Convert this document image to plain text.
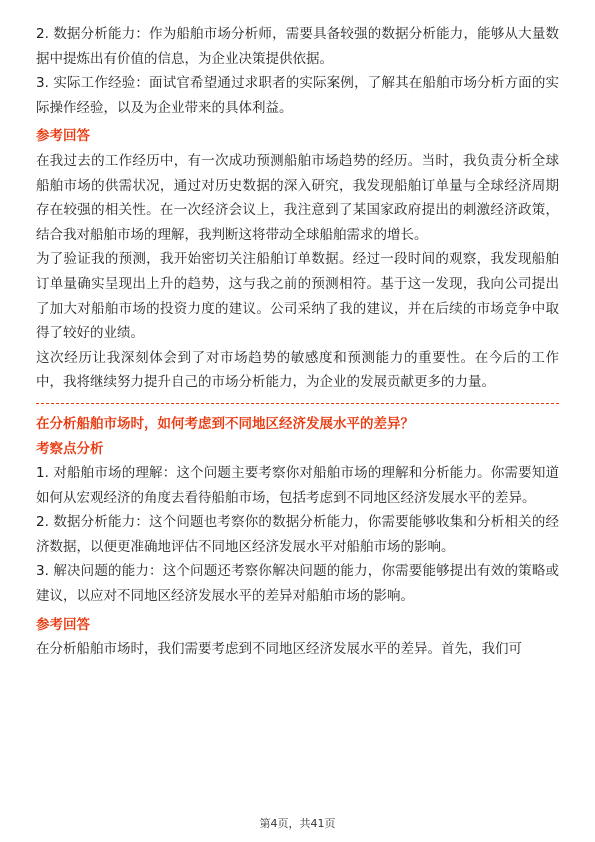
2. 数据分析能力：作为船舶市场分析师，需要具备较强的数据分析能力，能够从大量数据中提炼出有价值的信息，为企业决策提供依据。

3. 实际工作经验：面试官希望通过求职者的实际案例，了解其在船舶市场分析方面的实际操作经验，以及为企业带来的具体利益。

参考回答

在我过去的工作经历中，有一次成功预测船舶市场趋势的经历。当时，我负责分析全球船舶市场的供需状况，通过对历史数据的深入研究，我发现船舶订单量与全球经济周期存在较强的相关性。在一次经济会议上，我注意到了某国家政府提出的刺激经济政策，结合我对船舶市场的理解，我判断这将带动全球船舶需求的增长。

为了验证我的预测，我开始密切关注船舶订单数据。经过一段时间的观察，我发现船舶订单量确实呈现出上升的趋势，这与我之前的预测相符。基于这一发现，我向公司提出了加大对船舶市场的投资力度的建议。公司采纳了我的建议，并在后续的市场竞争中取得了较好的业绩。

这次经历让我深刻体会到了对市场趋势的敏感度和预测能力的重要性。在今后的工作中，我将继续努力提升自己的市场分析能力，为企业的发展贡献更多的力量。

在分析船舶市场时，如何考虑到不同地区经济发展水平的差异？

考察点分析

1. 对船舶市场的理解：这个问题主要考察你对船舶市场的理解和分析能力。你需要知道如何从宏观经济的角度去看待船舶市场，包括考虑到不同地区经济发展水平的差异。

2. 数据分析能力：这个问题也考察你的数据分析能力，你需要能够收集和分析相关的经济数据，以便更准确地评估不同地区经济发展水平对船舶市场的影响。

3. 解决问题的能力：这个问题还考察你解决问题的能力，你需要能够提出有效的策略或建议，以应对不同地区经济发展水平的差异对船舶市场的影响。

参考回答

在分析船舶市场时，我们需要考虑到不同地区经济发展水平的差异。首先，我们可

第4页，共41页
